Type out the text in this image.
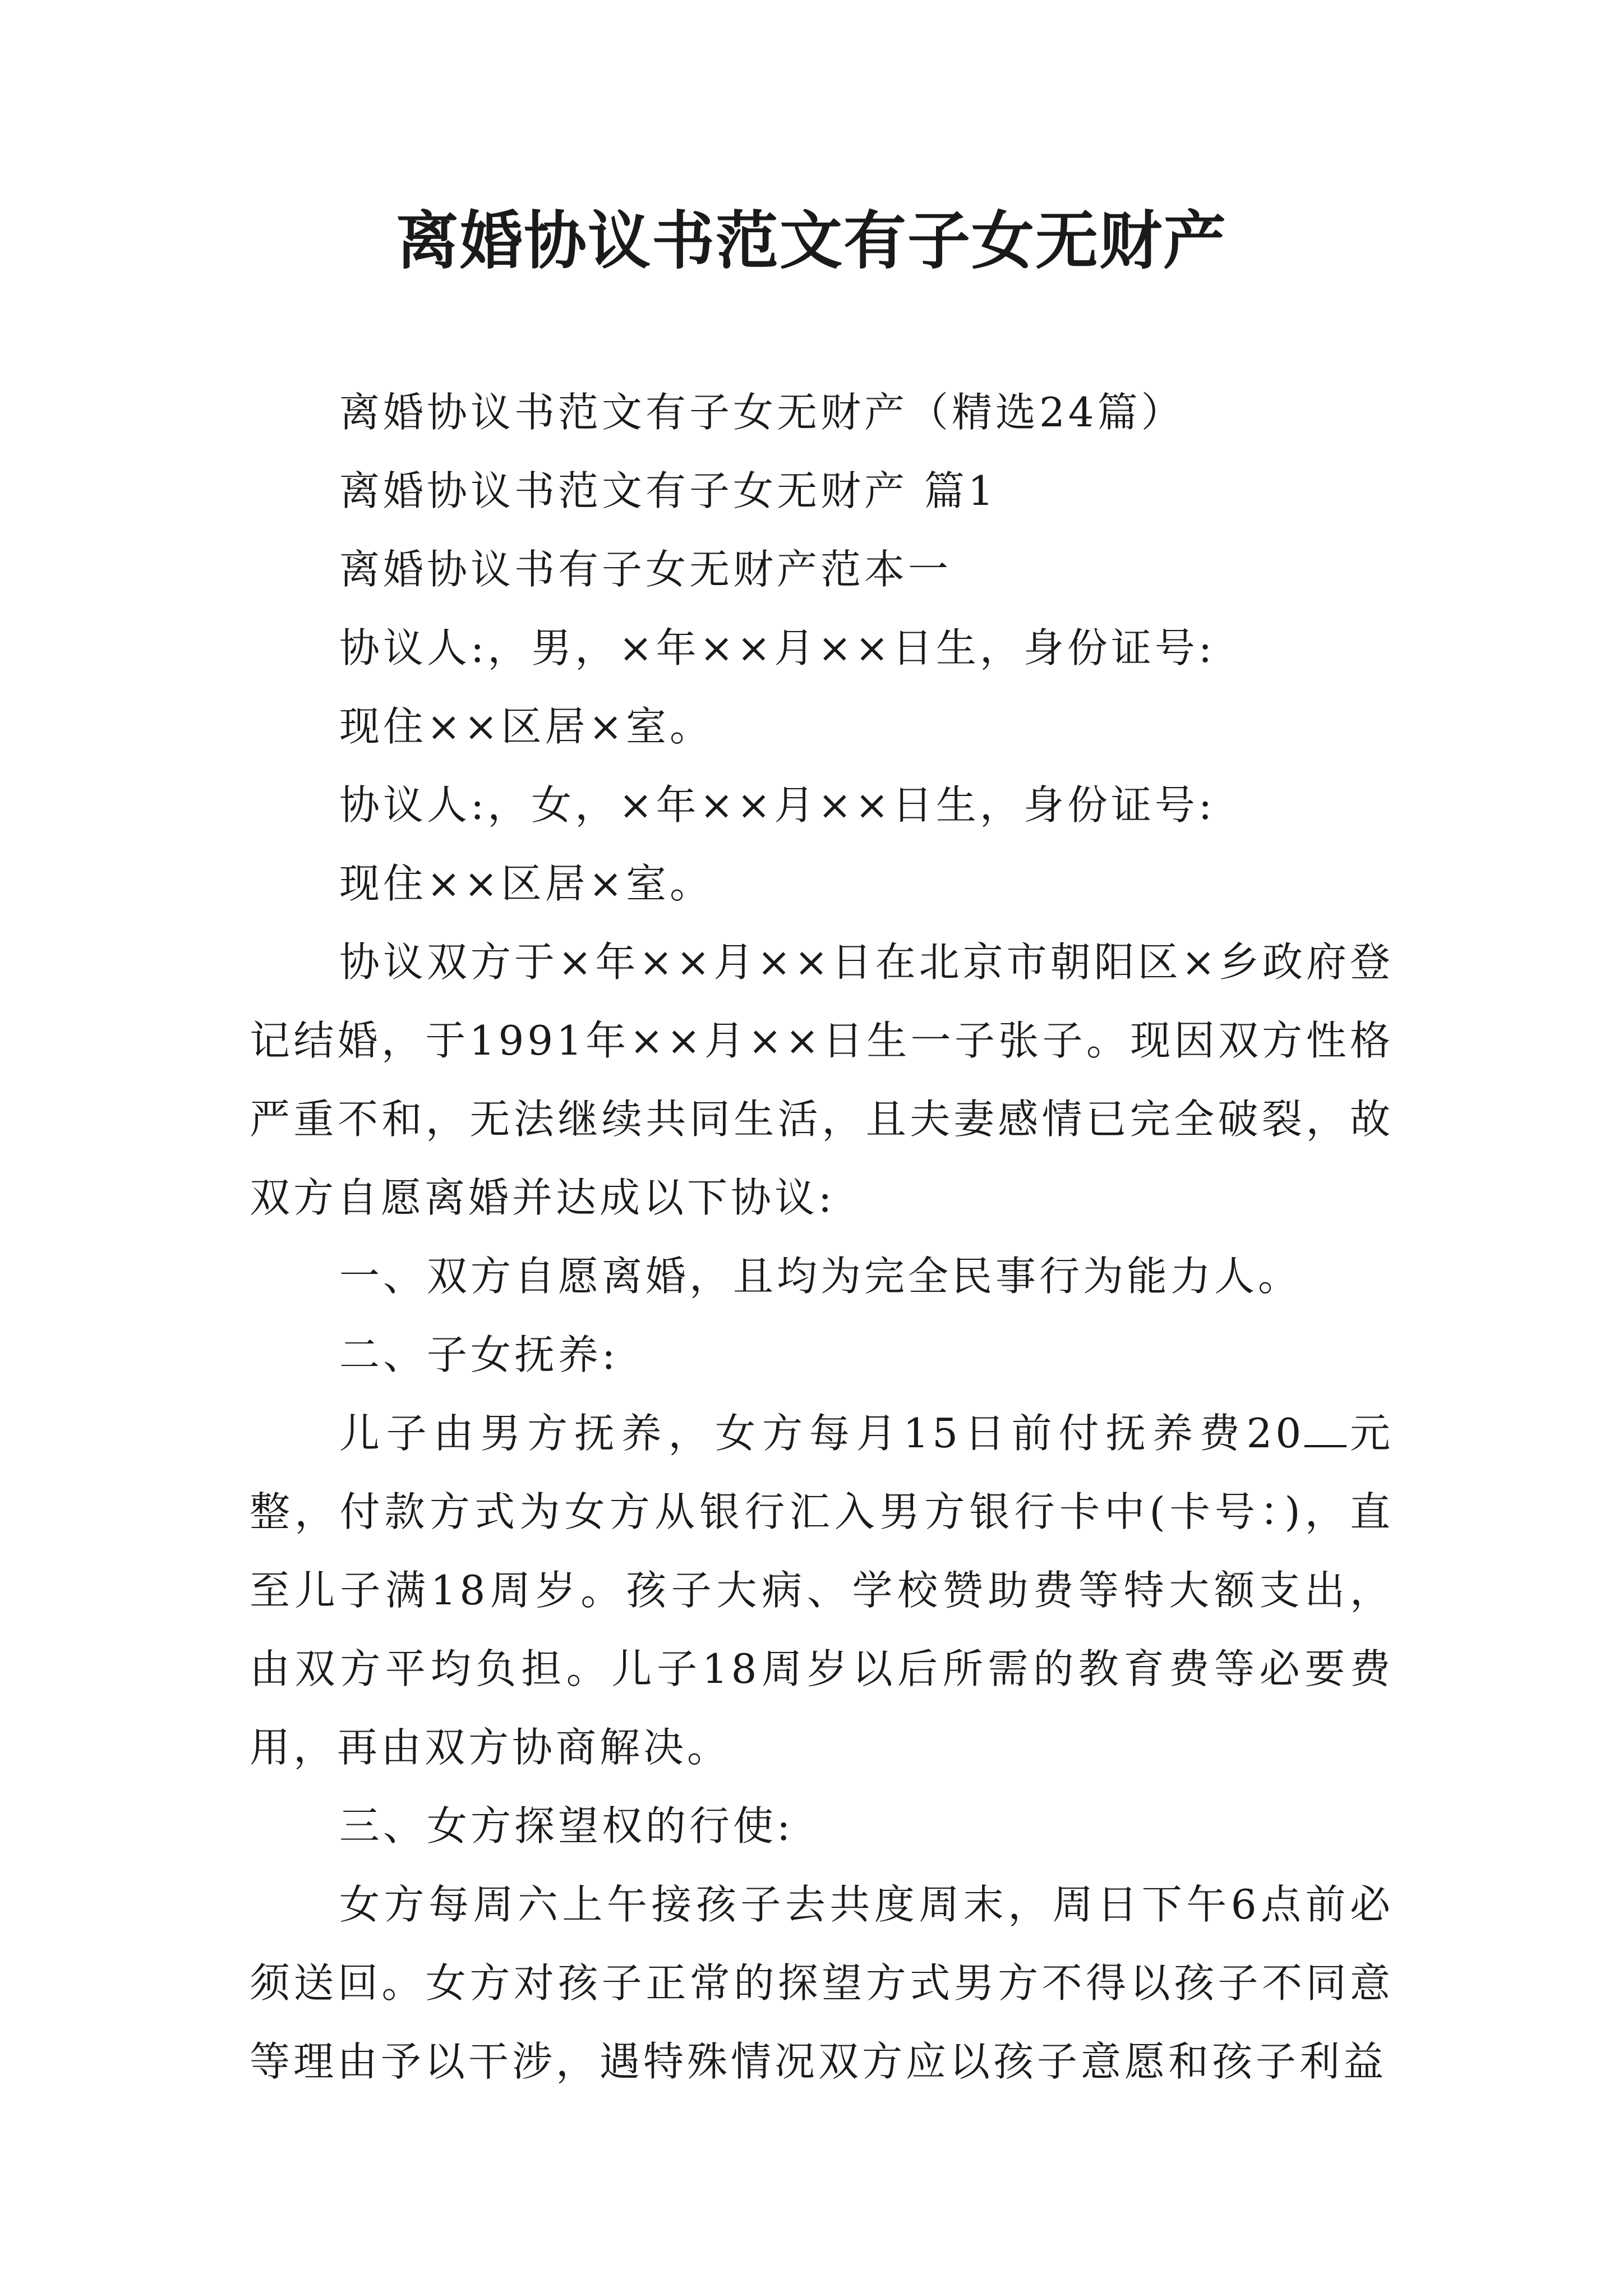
离婚协议书范文有子女无财产

离婚协议书范文有子女无财产（精选24篇）

离婚协议书范文有子女无财产 篇1

离婚协议书有子女无财产范本一

协议人:，男，×年××月××日生，身份证号:

现住××区居×室。

协议人:，女，×年××月××日生，身份证号:

现住××区居×室。

协议双方于×年××月××日在北京市朝阳区×乡政府登记结婚，于1991年××月××日生一子张子。现因双方性格严重不和，无法继续共同生活，且夫妻感情已完全破裂，故双方自愿离婚并达成以下协议:

一、双方自愿离婚，且均为完全民事行为能力人。

二、子女抚养:

儿子由男方抚养，女方每月15日前付抚养费20 元整，付款方式为女方从银行汇入男方银行卡中(卡号：)，直至儿子满18周岁。孩子大病、学校赞助费等特大额支出，由双方平均负担。儿子18周岁以后所需的教育费等必要费用，再由双方协商解决。

三、女方探望权的行使:

女方每周六上午接孩子去共度周末，周日下午6点前必须送回。女方对孩子正常的探望方式男方不得以孩子不同意等理由予以干涉，遇特殊情况双方应以孩子意愿和孩子利益
